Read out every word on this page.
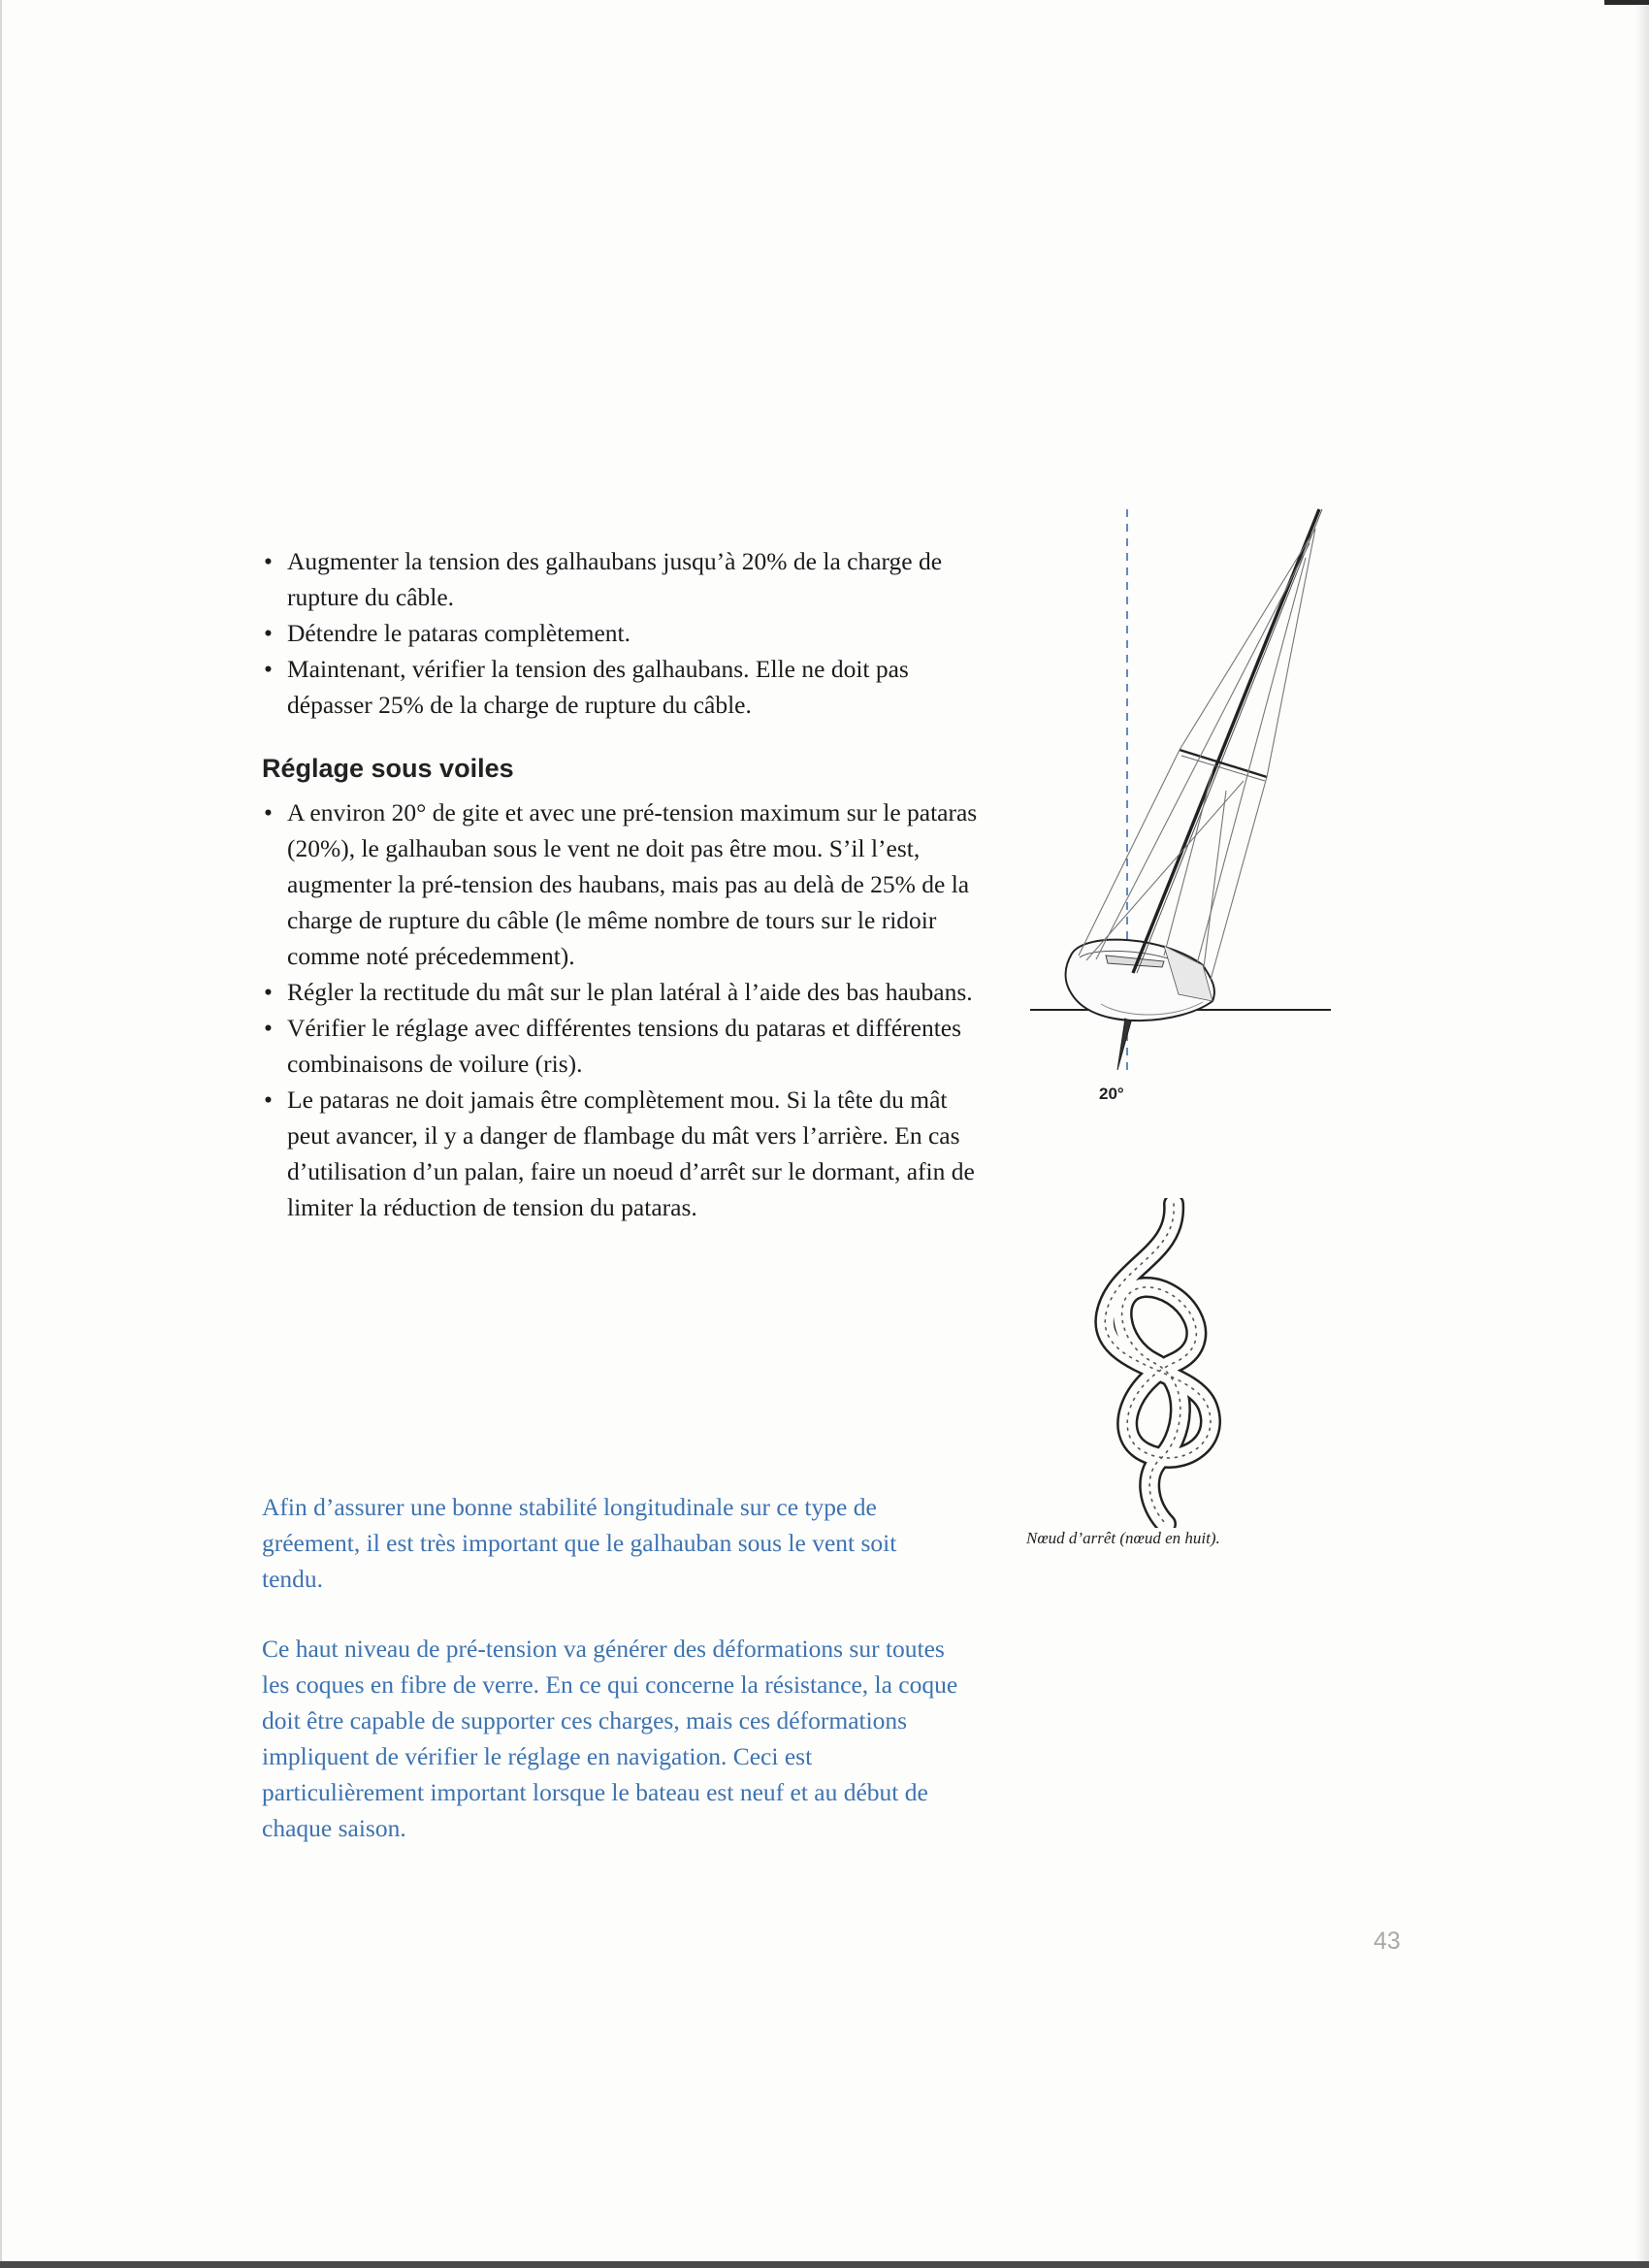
• Augmenter la tension des galhaubans jusqu’à 20% de la charge de rupture du câble.
• Détendre le pataras complètement.
• Maintenant, vérifier la tension des galhaubans. Elle ne doit pas dépasser 25% de la charge de rupture du câble.
Réglage sous voiles
• A environ 20° de gite et avec une pré-tension maximum sur le pataras (20%), le galhauban sous le vent ne doit pas être mou. S’il l’est, augmenter la pré-tension des haubans, mais pas au delà de 25% de la charge de rupture du câble (le même nombre de tours sur le ridoir comme noté précedemment).
• Régler la rectitude du mât sur le plan latéral à l’aide des bas haubans.
• Vérifier le réglage avec différentes tensions du pataras et différentes combinaisons de voilure (ris).
• Le pataras ne doit jamais être complètement mou. Si la tête du mât peut avancer, il y a danger de flambage du mât vers l’arrière. En cas d’utilisation d’un palan, faire un noeud d’arrêt sur le dormant, afin de limiter la réduction de tension du pataras.

Afin d’assurer une bonne stabilité longitudinale sur ce type de gréement, il est très important que le galhauban sous le vent soit tendu.

Ce haut niveau de pré-tension va générer des déformations sur toutes les coques en fibre de verre. En ce qui concerne la résistance, la coque doit être capable de supporter ces charges, mais ces déformations impliquent de vérifier le réglage en navigation. Ceci est particulièrement important lorsque le bateau est neuf et au début de chaque saison.

20°
Nœud d’arrêt (nœud en huit).
43
